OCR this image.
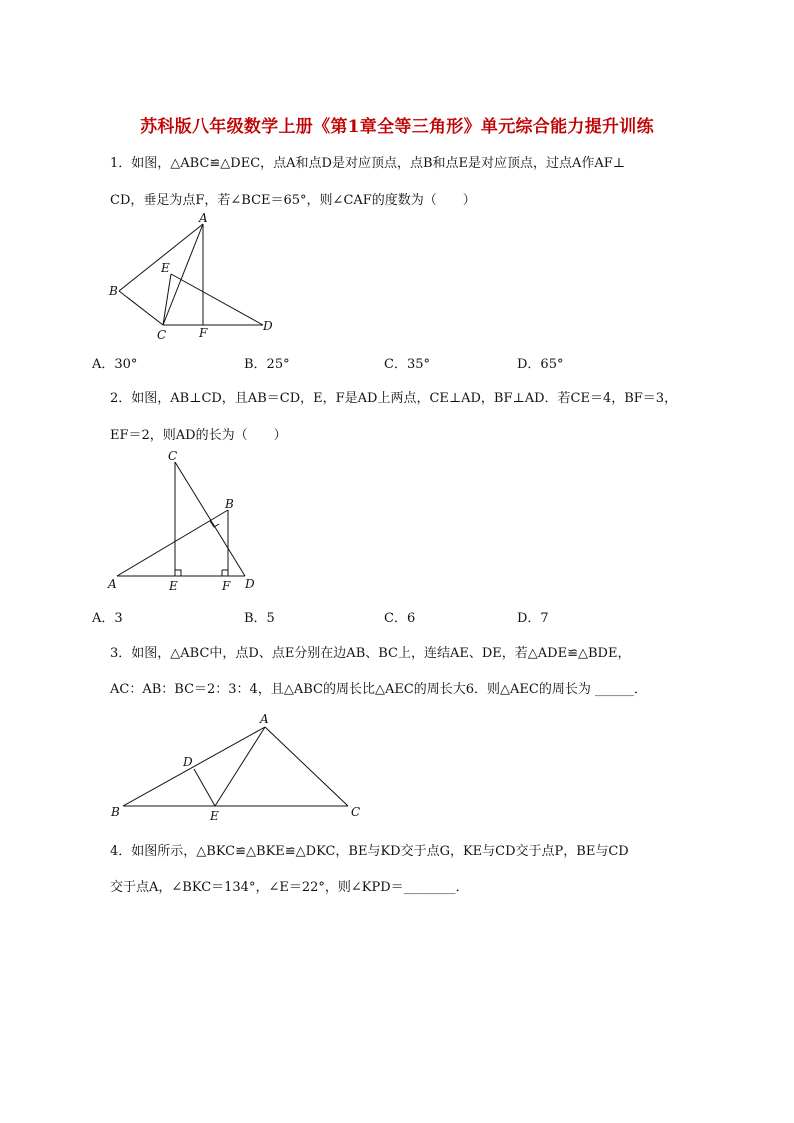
苏科版八年级数学上册《第1章全等三角形》单元综合能力提升训练
1．如图，△ABC≌△DEC，点A和点D是对应顶点，点B和点E是对应顶点，过点A作AF⊥
CD，垂足为点F，若∠BCE＝65°，则∠CAF的度数为（　　）
A
B
C
D
E
F
A．30°	B．25°	C．35°	D．65°
2．如图，AB⊥CD，且AB＝CD，E，F是AD上两点，CE⊥AD，BF⊥AD．若CE＝4，BF＝3，
EF＝2，则AD的长为（　　）
A
B
C
D
E	F
A．3	B．5	C．6	D．7
3．如图，△ABC中，点D、点E分别在边AB、BC上，连结AE、DE，若△ADE≌△BDE，
AC：AB：BC＝2：3：4，且△ABC的周长比△AEC的周长大6．则△AEC的周长为 ______．
A
B	C
D
E
4．如图所示，△BKC≌△BKE≌△DKC，BE与KD交于点G，KE与CD交于点P，BE与CD
交于点A，∠BKC＝134°，∠E＝22°，则∠KPD＝________．
